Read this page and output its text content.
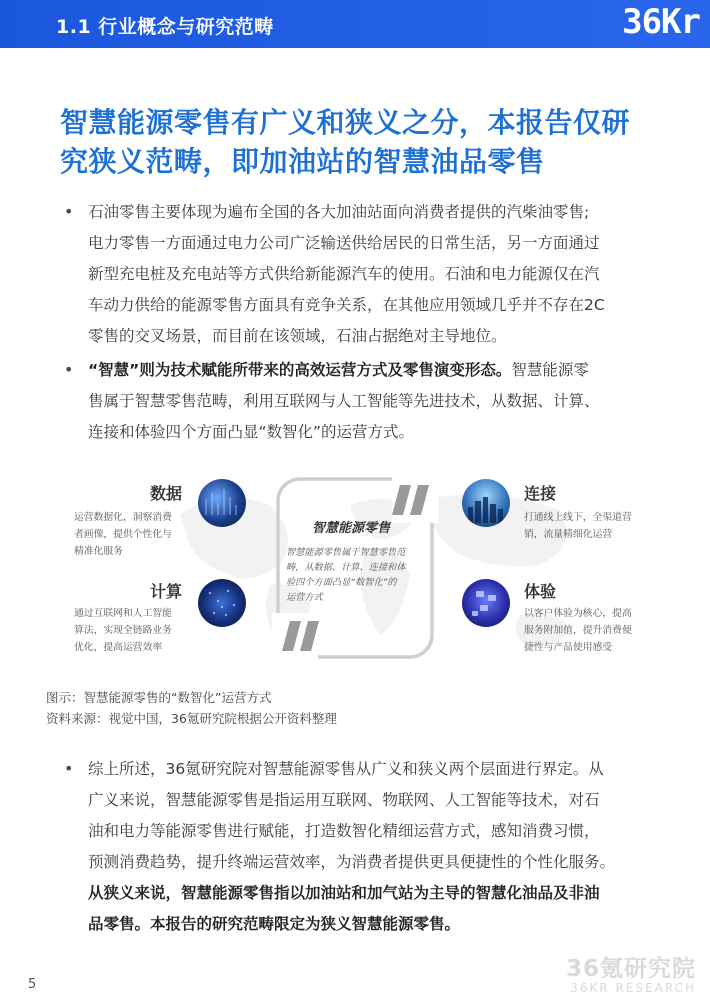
1.1 行业概念与研究范畴	36Kr
智慧能源零售有广义和狭义之分，本报告仅研
究狭义范畴，即加油站的智慧油品零售
• 石油零售主要体现为遍布全国的各大加油站面向消费者提供的汽柴油零售;
电力零售一方面通过电力公司广泛输送供给居民的日常生活，另一方面通过
新型充电桩及充电站等方式供给新能源汽车的使用。石油和电力能源仅在汽
车动力供给的能源零售方面具有竞争关系，在其他应用领域几乎并不存在2C
零售的交叉场景，而目前在该领域，石油占据绝对主导地位。
• “智慧”则为技术赋能所带来的高效运营方式及零售演变形态。智慧能源零
售属于智慧零售范畴，利用互联网与人工智能等先进技术，从数据、计算、
连接和体验四个方面凸显“数智化”的运营方式。
智慧能源零售
智慧能源零售属于智慧零售范
畴，从数据、计算、连接和体
验四个方面凸显“数智化”的
运营方式
数据
运营数据化，洞察消费
者画像，提供个性化与
精准化服务
连接
打通线上线下，全渠道营
销，流量精细化运营
计算
通过互联网和人工智能
算法，实现全链路业务
优化，提高运营效率
体验
以客户体验为核心，提高
服务附加值，提升消费便
捷性与产品使用感受
图示：智慧能源零售的“数智化”运营方式
资料来源：视觉中国，36氪研究院根据公开资料整理
• 综上所述，36氪研究院对智慧能源零售从广义和狭义两个层面进行界定。从
广义来说，智慧能源零售是指运用互联网、物联网、人工智能等技术，对石
油和电力等能源零售进行赋能，打造数智化精细运营方式，感知消费习惯，
预测消费趋势，提升终端运营效率，为消费者提供更具便捷性的个性化服务。
从狭义来说，智慧能源零售指以加油站和加气站为主导的智慧化油品及非油
品零售。本报告的研究范畴限定为狭义智慧能源零售。
5
36氪研究院
36KR RESEARCH
